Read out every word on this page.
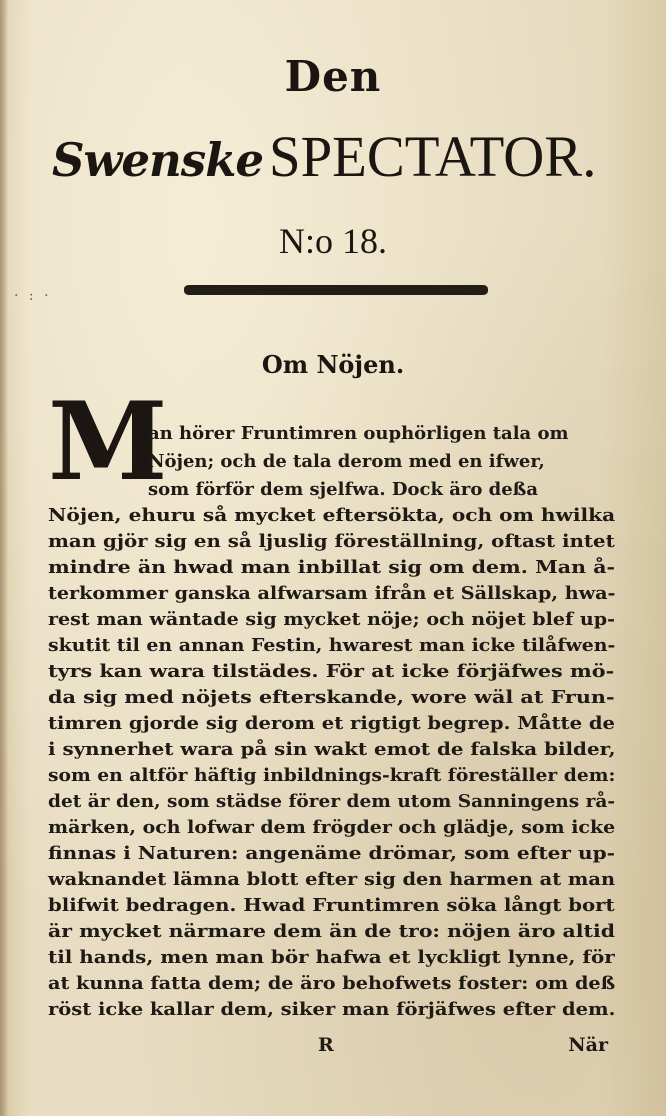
Den
Swenske SPECTATOR.
N:o 18.
· : ·
Om Nöjen.
M
an hörer Fruntimren ouphörligen tala om
Nöjen; och de tala derom med en ifwer,
som förför dem sjelfwa. Dock äro deßa
Nöjen, ehuru så mycket eftersökta, och om hwilka
man gjör sig en så ljuslig föreställning, oftast intet
mindre än hwad man inbillat sig om dem. Man å-
terkommer ganska alfwarsam ifrån et Sällskap, hwa-
rest man wäntade sig mycket nöje; och nöjet blef up-
skutit til en annan Festin, hwarest man icke tilåfwen-
tyrs kan wara tilstädes. För at icke förjäfwes mö-
da sig med nöjets efterskande, wore wäl at Frun-
timren gjorde sig derom et rigtigt begrep. Måtte de
i synnerhet wara på sin wakt emot de falska bilder,
som en altför häftig inbildnings-kraft föreställer dem:
det är den, som städse förer dem utom Sanningens rå-
märken, och lofwar dem frögder och glädje, som icke
finnas i Naturen: angenäme drömar, som efter up-
waknandet lämna blott efter sig den harmen at man
blifwit bedragen. Hwad Fruntimren söka långt bort
är mycket närmare dem än de tro: nöjen äro altid
til hands, men man bör hafwa et lyckligt lynne, för
at kunna fatta dem; de äro behofwets foster: om deß
röst icke kallar dem, siker man förjäfwes efter dem.
R	När
